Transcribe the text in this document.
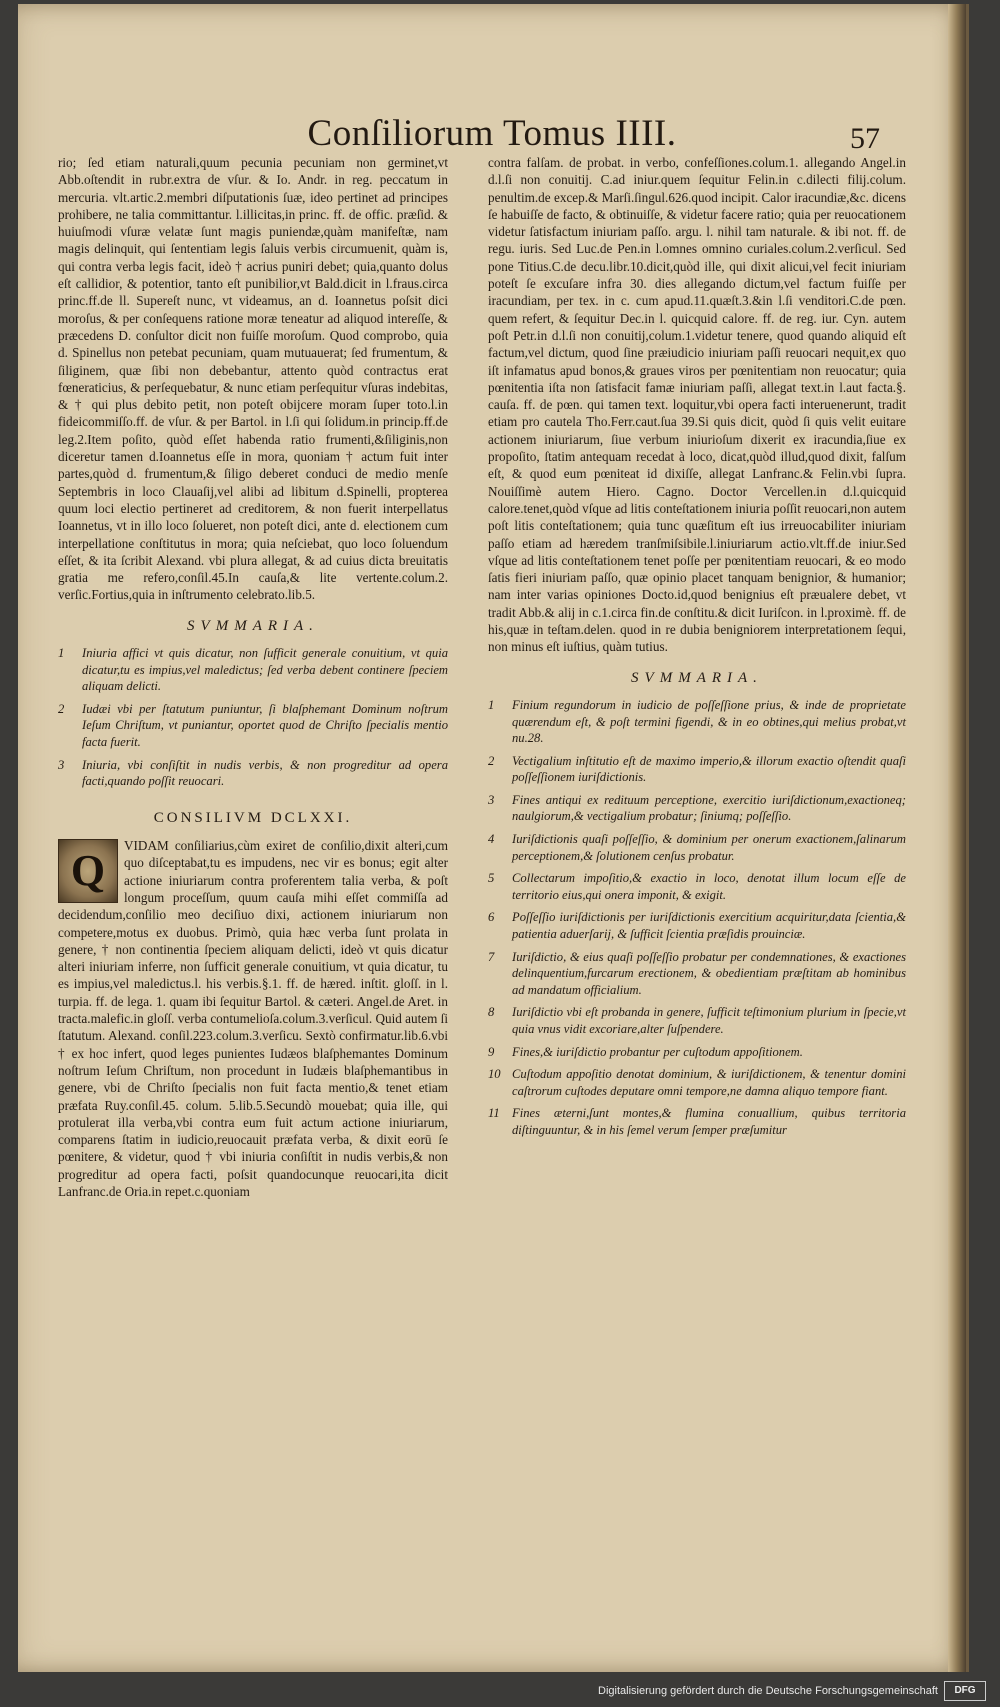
Conſiliorum Tomus IIII.	57

rio; ſed etiam naturali,quum pecunia pecuniam non germinet,vt Abb.oſtendit in rubr.extra de vſur. & Io. Andr. in reg. peccatum in mercuria. vlt.artic.2.membri diſputationis ſuæ, ideo pertinet ad principes prohibere, ne talia committantur. l.illicitas,in princ. ff. de offic. præſid. & huiuſmodi vſuræ velatæ ſunt magis puniendæ,quàm manifeſtæ, nam magis delinquit, qui ſententiam legis ſaluis verbis circumuenit, quàm is, qui contra verba legis facit, ideò † acrius puniri debet; quia,quanto dolus eſt callidior, & potentior, tanto eſt punibilior,vt Bald.dicit in l.fraus.circa princ.ff.de ll. Supereſt nunc, vt videamus, an d. Ioannetus poſsit dici moroſus, & per conſequens ratione moræ teneatur ad aliquod intereſſe, & præcedens D. conſultor dicit non fuiſſe moroſum. Quod comprobo, quia d. Spinellus non petebat pecuniam, quam mutuauerat; ſed frumentum, & ſiliginem, quæ ſibi non debebantur, attento quòd contractus erat fœneraticius, & perſequebatur, & nunc etiam perſequitur vſuras indebitas, & † qui plus debito petit, non poteſt obijcere moram ſuper toto.l.in fideicommiſſo.ff. de vſur. & per Bartol. in l.ſi qui ſolidum.in princip.ff.de leg.2.Item poſito, quòd eſſet habenda ratio frumenti,&ſiliginis,non diceretur tamen d.Ioannetus eſſe in mora, quoniam † actum fuit inter partes,quòd d. frumentum,& ſiligo deberet conduci de medio menſe Septembris in loco Clauaſij,vel alibi ad libitum d.Spinelli, propterea quum loci electio pertineret ad creditorem, & non fuerit interpellatus Ioannetus, vt in illo loco ſolueret, non poteſt dici, ante d. electionem cum interpellatione conſtitutus in mora; quia neſciebat, quo loco ſoluendum eſſet, & ita ſcribit Alexand. vbi plura allegat, & ad cuius dicta breuitatis gratia me refero,conſil.45.In cauſa,& lite vertente.colum.2. verſic.Fortius,quia in inſtrumento celebrato.lib.5.

SVMMARIA.
1 Iniuria affici vt quis dicatur, non ſufficit generale conuitium, vt quia dicatur,tu es impius,vel maledictus; ſed verba debent continere ſpeciem aliquam delicti.
2 Iudæi vbi per ſtatutum puniuntur, ſi blaſphemant Dominum noſtrum Ieſum Chriſtum, vt puniantur, oportet quod de Chriſto ſpecialis mentio facta fuerit.
3 Iniuria, vbi conſiſtit in nudis verbis, & non progreditur ad opera facti,quando poſſit reuocari.
CONSILIVM DCLXXI.

Q
VIDAM conſiliarius,cùm exiret de conſilio,dixit alteri,cum quo diſceptabat,tu es impudens, nec vir es bonus; egit alter actione iniuriarum contra proferentem talia verba, & poſt longum proceſſum, quum cauſa mihi eſſet commiſſa ad decidendum,conſilio meo deciſiuo dixi, actionem iniuriarum non competere,motus ex duobus. Primò, quia hæc verba ſunt prolata in genere, † non continentia ſpeciem aliquam delicti, ideò vt quis dicatur alteri iniuriam inferre, non ſufficit generale conuitium, vt quia dicatur, tu es impius,vel maledictus.l. his verbis.§.1. ff. de hæred. inſtit. gloſſ. in l. turpia. ff. de lega. 1. quam ibi ſequitur Bartol. & cæteri. Angel.de Aret. in tracta.malefic.in gloſſ. verba contumelioſa.colum.3.verſicul. Quid autem ſi ſtatutum. Alexand. conſil.223.colum.3.verſicu. Sextò confirmatur.lib.6.vbi † ex hoc infert, quod leges punientes Iudæos blaſphemantes Dominum noſtrum Ieſum Chriſtum, non procedunt in Iudæis blaſphemantibus in genere, vbi de Chriſto ſpecialis non fuit facta mentio,& tenet etiam præfata Ruy.conſil.45. colum. 5.lib.5.Secundò mouebat; quia ille, qui protulerat illa verba,vbi contra eum fuit actum actione iniuriarum, comparens ſtatim in iudicio,reuocauit præfata verba, & dixit eorū ſe pœnitere, & videtur, quod † vbi iniuria conſiſtit in nudis verbis,& non progreditur ad opera facti, poſsit quandocunque reuocari,ita dicit Lanfranc.de Oria.in repet.c.quoniam

contra falſam. de probat. in verbo, confeſſiones.colum.1. allegando Angel.in d.l.ſi non conuitij. C.ad iniur.quem ſequitur Felin.in c.dilecti filij.colum. penultim.de excep.& Marſi.ſingul.626.quod incipit. Calor iracundiæ,&c. dicens ſe habuiſſe de facto, & obtinuiſſe, & videtur facere ratio; quia per reuocationem videtur ſatisfactum iniuriam paſſo. argu. l. nihil tam naturale. & ibi not. ff. de regu. iuris. Sed Luc.de Pen.in l.omnes omnino curiales.colum.2.verſicul. Sed pone Titius.C.de decu.libr.10.dicit,quòd ille, qui dixit alicui,vel fecit iniuriam poteſt ſe excuſare infra 30. dies allegando dictum,vel factum fuiſſe per iracundiam, per tex. in c. cum apud.11.quæſt.3.&in l.ſi venditori.C.de pœn. quem refert, & ſequitur Dec.in l. quicquid calore. ff. de reg. iur. Cyn. autem poſt Petr.in d.l.ſi non conuitij,colum.1.videtur tenere, quod quando aliquid eſt factum,vel dictum, quod ſine præiudicio iniuriam paſſi reuocari nequit,ex quo iſt infamatus apud bonos,& graues viros per pœnitentiam non reuocatur; quia pœnitentia iſta non ſatisfacit famæ iniuriam paſſi, allegat text.in l.aut facta.§. cauſa. ff. de pœn. qui tamen text. loquitur,vbi opera facti interuenerunt, tradit etiam pro cautela Tho.Ferr.caut.ſua 39.Si quis dicit, quòd ſi quis velit euitare actionem iniuriarum, ſiue verbum iniurioſum dixerit ex iracundia,ſiue ex propoſito, ſtatim antequam recedat à loco, dicat,quòd illud,quod dixit, falſum eſt, & quod eum pœniteat id dixiſſe, allegat Lanfranc.& Felin.vbi ſupra. Nouiſſimè autem Hiero. Cagno. Doctor Vercellen.in d.l.quicquid calore.tenet,quòd vſque ad litis conteſtationem iniuria poſſit reuocari,non autem poſt litis conteſtationem; quia tunc quæſitum eſt ius irreuocabiliter iniuriam paſſo etiam ad hæredem tranſmiſsibile.l.iniuriarum actio.vlt.ff.de iniur.Sed vſque ad litis conteſtationem tenet poſſe per pœnitentiam reuocari, & eo modo ſatis fieri iniuriam paſſo, quæ opinio placet tanquam benignior, & humanior; nam inter varias opiniones Docto.id,quod benignius eſt præualere debet, vt tradit Abb.& alij in c.1.circa fin.de conſtitu.& dicit Iuriſcon. in l.proximè. ff. de his,quæ in teſtam.delen. quod in re dubia benigniorem interpretationem ſequi, non minus eſt iuſtius, quàm tutius.

SVMMARIA.
1 Finium regundorum in iudicio de poſſeſſione prius, & inde de proprietate quærendum eſt, & poſt termini figendi, & in eo obtines,qui melius probat,vt nu.28.
2 Vectigalium inſtitutio eſt de maximo imperio,& illorum exactio oſtendit quaſi poſſeſſionem iuriſdictionis.
3 Fines antiqui ex redituum perceptione, exercitio iuriſdictionum,exactioneq; naulgiorum,& vectigalium probatur; ſiniumq; poſſeſſio.
4 Iuriſdictionis quaſi poſſeſſio, & dominium per onerum exactionem,ſalinarum perceptionem,& ſolutionem cenſus probatur.
5 Collectarum impoſitio,& exactio in loco, denotat illum locum eſſe de territorio eius,qui onera imponit, & exigit.
6 Poſſeſſio iuriſdictionis per iuriſdictionis exercitium acquiritur,data ſcientia,& patientia aduerſarij, & ſufficit ſcientia præſidis prouinciæ.
7 Iuriſdictio, & eius quaſi poſſeſſio probatur per condemnationes, & exactiones delinquentium,furcarum erectionem, & obedientiam præſtitam ab hominibus ad mandatum officialium.
8 Iuriſdictio vbi eſt probanda in genere, ſufficit teſtimonium plurium in ſpecie,vt quia vnus vidit excoriare,alter ſuſpendere.
9 Fines,& iuriſdictio probantur per cuſtodum appoſitionem.
10 Cuſtodum appoſitio denotat dominium, & iuriſdictionem, & tenentur domini caſtrorum cuſtodes deputare omni tempore,ne damna aliquo tempore fiant.
11 Fines æterni,ſunt montes,& flumina conuallium, quibus territoria diſtinguuntur, & in his ſemel verum ſemper præſumitur
Digitalisierung gefördert durch die Deutsche Forschungsgemeinschaft	DFG
